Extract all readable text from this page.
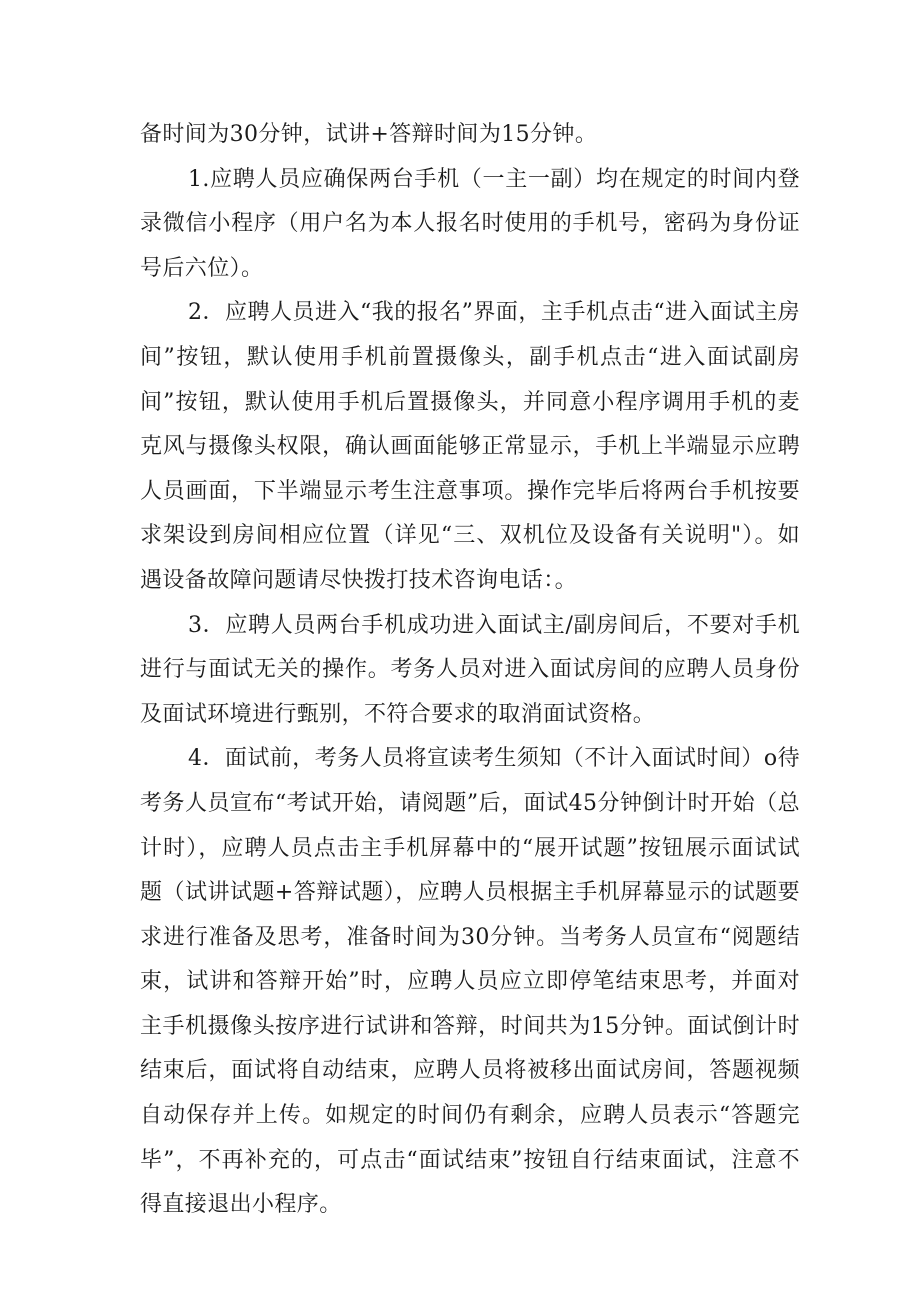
备时间为30分钟，试讲+答辩时间为15分钟。

1.应聘人员应确保两台手机（一主一副）均在规定的时间内登录微信小程序（用户名为本人报名时使用的手机号，密码为身份证号后六位）。

2．应聘人员进入“我的报名”界面，主手机点击“进入面试主房间”按钮，默认使用手机前置摄像头，副手机点击“进入面试副房间”按钮，默认使用手机后置摄像头，并同意小程序调用手机的麦克风与摄像头权限，确认画面能够正常显示，手机上半端显示应聘人员画面，下半端显示考生注意事项。操作完毕后将两台手机按要求架设到房间相应位置（详见“三、双机位及设备有关说明"）。如遇设备故障问题请尽快拨打技术咨询电话：。

3．应聘人员两台手机成功进入面试主/副房间后，不要对手机进行与面试无关的操作。考务人员对进入面试房间的应聘人员身份及面试环境进行甄别，不符合要求的取消面试资格。

4．面试前，考务人员将宣读考生须知（不计入面试时间）o待考务人员宣布“考试开始，请阅题”后，面试45分钟倒计时开始（总计时），应聘人员点击主手机屏幕中的“展开试题”按钮展示面试试题（试讲试题+答辩试题），应聘人员根据主手机屏幕显示的试题要求进行准备及思考，准备时间为30分钟。当考务人员宣布“阅题结束，试讲和答辩开始”时，应聘人员应立即停笔结束思考，并面对主手机摄像头按序进行试讲和答辩，时间共为15分钟。面试倒计时结束后，面试将自动结束，应聘人员将被移出面试房间，答题视频自动保存并上传。如规定的时间仍有剩余，应聘人员表示“答题完毕”，不再补充的，可点击“面试结束”按钮自行结束面试，注意不得直接退出小程序。
